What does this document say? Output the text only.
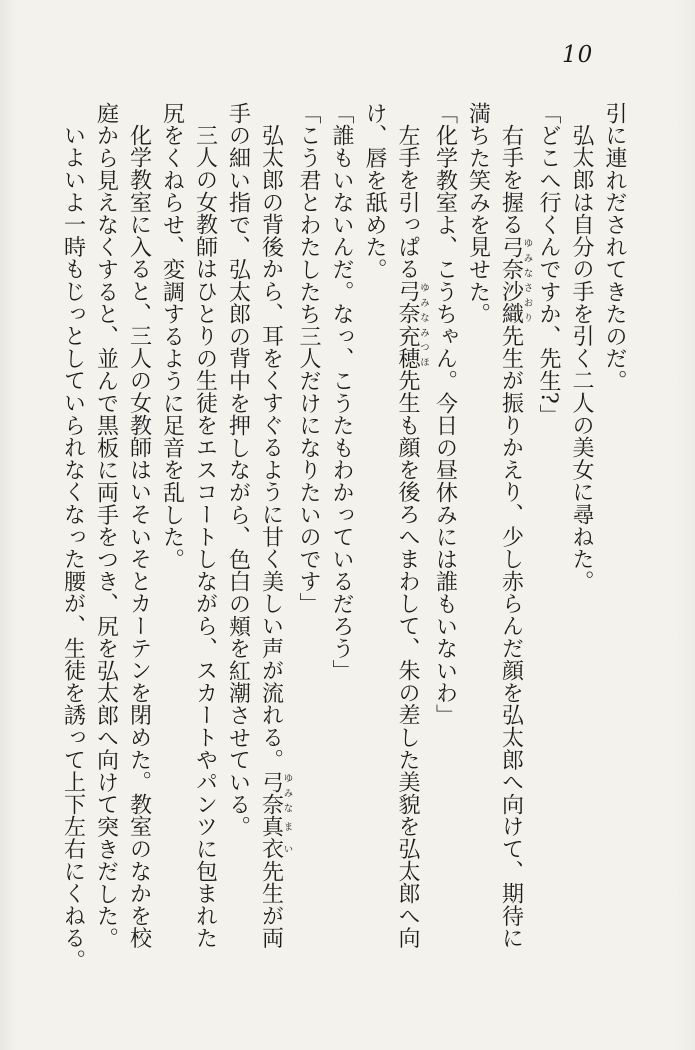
10

引に連れだされてきたのだ。

弘太郎は自分の手を引く二人の美女に尋ねた。

「どこへ行くんですか、先生?」

右手を握る弓奈ゆみな沙織さおり先生が振りかえり、少し赤らんだ顔を弘太郎へ向けて、期待に

満ちた笑みを見せた。

「化学教室よ、こうちゃん。今日の昼休みには誰もいないわ」

左手を引っぱる弓奈ゆみな充穂みつほ先生も顔を後ろへまわして、朱の差した美貌を弘太郎へ向

け、唇を舐めた。

「誰もいないんだ。なっ、こうたもわかっているだろう」

「こう君とわたしたち三人だけになりたいのです」

弘太郎の背後から、耳をくすぐるように甘く美しい声が流れる。弓奈ゆみな真衣まい先生が両

手の細い指で、弘太郎の背中を押しながら、色白の頬を紅潮させている。

三人の女教師はひとりの生徒をエスコートしながら、スカートやパンツに包まれた

尻をくねらせ、変調するように足音を乱した。

化学教室に入ると、三人の女教師はいそいそとカーテンを閉めた。教室のなかを校

庭から見えなくすると、並んで黒板に両手をつき、尻を弘太郎へ向けて突きだした。

いよいよ一時もじっとしていられなくなった腰が、生徒を誘って上下左右にくねる。
